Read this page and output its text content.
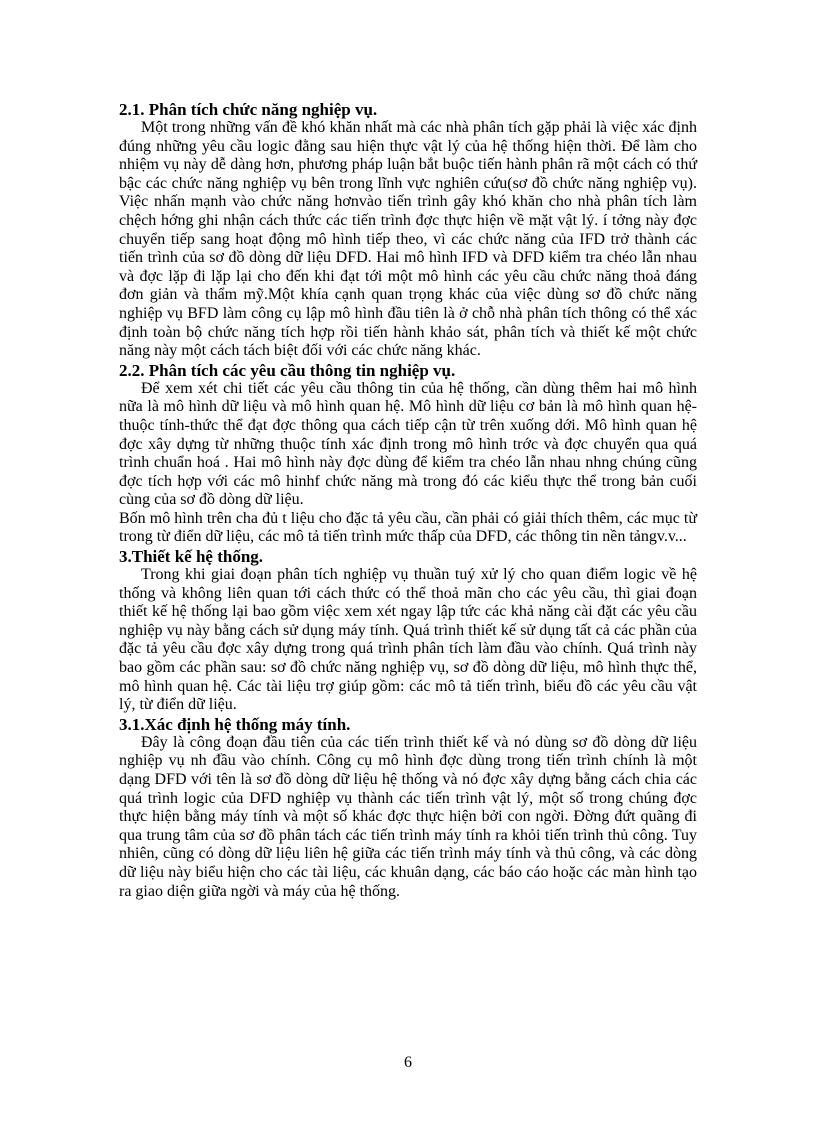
2.1. Phân tích chức năng nghiệp vụ.

Một trong những vấn đề khó khăn nhất mà các nhà phân tích gặp phải là việc xác định đúng những yêu cầu logic đằng sau hiện thực vật lý của hệ thống hiện thời. Để làm cho nhiệm vụ này dễ dàng hơn, phương pháp luận bắt buộc tiến hành phân rã một cách có thứ bậc các chức năng nghiệp vụ bên trong lĩnh vực nghiên cứu(sơ đồ chức năng nghiệp vụ). Việc nhấn mạnh vào chức năng hơnvào tiến trình gây khó khăn cho nhà phân tích làm chệch hớng ghi nhận cách thức các tiến trình đợc thực hiện về mặt vật lý. í tởng này đợc chuyển tiếp sang hoạt động mô hình tiếp theo, vì các chức năng của IFD trở thành các tiến trình của sơ đồ dòng dữ liệu DFD. Hai mô hình IFD và DFD kiểm tra chéo lẫn nhau và đợc lặp đi lặp lại cho đến khi đạt tới một mô hình các yêu cầu chức năng thoả đáng đơn giản và thẩm mỹ.Một khía cạnh quan trọng khác của việc dùng sơ đồ chức năng nghiệp vụ BFD làm công cụ lập mô hình đầu tiên là ở chỗ nhà phân tích thông có thể xác định toàn bộ chức năng tích hợp rồi tiến hành khảo sát, phân tích và thiết kế một chức năng này một cách tách biệt đối với các chức năng khác.

2.2. Phân tích các yêu cầu thông tin nghiệp vụ.

Để xem xét chi tiết các yêu cầu thông tin của hệ thống, cần dùng thêm hai mô hình nữa là mô hình dữ liệu và mô hình quan hệ. Mô hình dữ liệu cơ bản là mô hình quan hệ-thuộc tính-thức thể đạt đợc thông qua cách tiếp cận từ trên xuống dới. Mô hình quan hệ đợc xây dựng từ những thuộc tính xác định trong mô hình trớc và đợc chuyển qua quá trình chuẩn hoá . Hai mô hình này đợc dùng để kiểm tra chéo lẫn nhau nhng chúng cũng đợc tích hợp với các mô hinhf chức năng mà trong đó các kiểu thực thể trong bản cuối cùng của sơ đồ dòng dữ liệu.

Bốn mô hình trên cha đủ t liệu cho đặc tả yêu cầu, cần phải có giải thích thêm, các mục từ trong từ điển dữ liệu, các mô tả tiến trình mức thấp của DFD, các thông tin nền tảngv.v...

3.Thiết kế hệ thống.

Trong khi giai đoạn phân tích nghiệp vụ thuần tuý xử lý cho quan điểm logic về hệ thống và không liên quan tới cách thức có thể thoả mãn cho các yêu cầu, thì giai đoạn thiết kế hệ thống lại bao gồm việc xem xét ngay lập tức các khả năng cài đặt các yêu cầu nghiệp vụ này bằng cách sử dụng máy tính. Quá trình thiết kế sử dụng tất cả các phần của đặc tả yêu cầu đợc xây dựng trong quá trình phân tích làm đầu vào chính. Quá trình này bao gồm các phần sau: sơ đồ chức năng nghiệp vụ, sơ đồ dòng dữ liệu, mô hình thực thể, mô hình quan hệ. Các tài liệu trợ giúp gồm: các mô tả tiến trình, biểu đồ các yêu cầu vật lý, từ điển dữ liệu.

3.1.Xác định hệ thống máy tính.

Đây là công đoạn đầu tiên của các tiến trình thiết kế và nó dùng sơ đồ dòng dữ liệu nghiệp vụ nh đầu vào chính. Công cụ mô hình đợc dùng trong tiến trình chính là một dạng DFD với tên là sơ đồ dòng dữ liệu hệ thống và nó đợc xây dựng bằng cách chia các quá trình logic của DFD nghiệp vụ thành các tiến trình vật lý, một số trong chúng đợc thực hiện bằng máy tính và một số khác đợc thực hiện bởi con ngời. Đờng đứt quãng đi qua trung tâm của sơ đồ phân tách các tiến trình máy tính ra khỏi tiến trình thủ công. Tuy nhiên, cũng có dòng dữ liệu liên hệ giữa các tiến trình máy tính và thủ công, và các dòng dữ liệu này biểu hiện cho các tài liệu, các khuân dạng, các báo cáo hoặc các màn hình tạo ra giao diện giữa ngời và máy của hệ thống.

6
